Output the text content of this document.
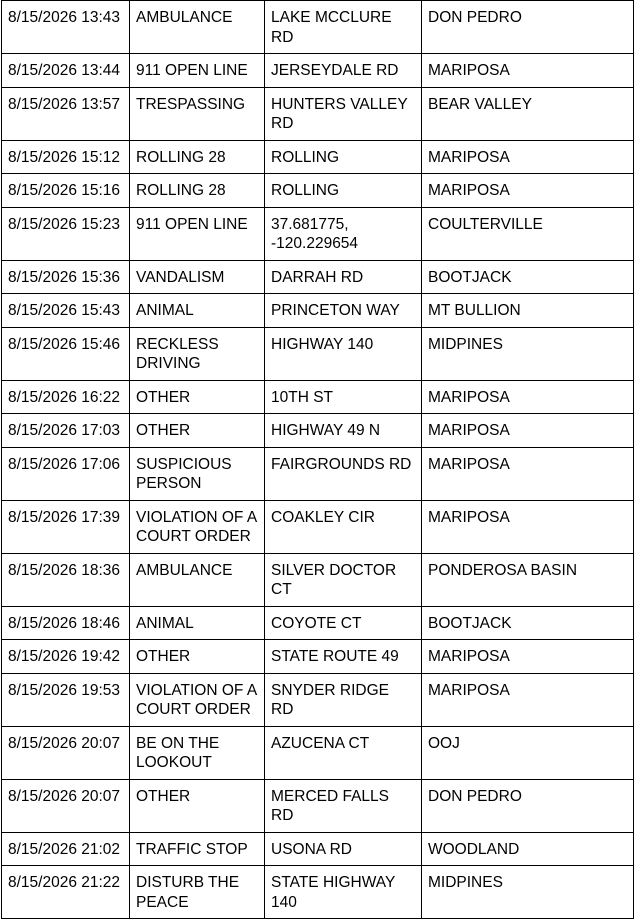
8/15/2026 13:43	AMBULANCE	LAKE MCCLURE RD	DON PEDRO
8/15/2026 13:44	911 OPEN LINE	JERSEYDALE RD	MARIPOSA
8/15/2026 13:57	TRESPASSING	HUNTERS VALLEY RD	BEAR VALLEY
8/15/2026 15:12	ROLLING 28	ROLLING	MARIPOSA
8/15/2026 15:16	ROLLING 28	ROLLING	MARIPOSA
8/15/2026 15:23	911 OPEN LINE	37.681775, -120.229654	COULTERVILLE
8/15/2026 15:36	VANDALISM	DARRAH RD	BOOTJACK
8/15/2026 15:43	ANIMAL	PRINCETON WAY	MT BULLION
8/15/2026 15:46	RECKLESS DRIVING	HIGHWAY 140	MIDPINES
8/15/2026 16:22	OTHER	10TH ST	MARIPOSA
8/15/2026 17:03	OTHER	HIGHWAY 49 N	MARIPOSA
8/15/2026 17:06	SUSPICIOUS PERSON	FAIRGROUNDS RD	MARIPOSA
8/15/2026 17:39	VIOLATION OF A COURT ORDER	COAKLEY CIR	MARIPOSA
8/15/2026 18:36	AMBULANCE	SILVER DOCTOR CT	PONDEROSA BASIN
8/15/2026 18:46	ANIMAL	COYOTE CT	BOOTJACK
8/15/2026 19:42	OTHER	STATE ROUTE 49	MARIPOSA
8/15/2026 19:53	VIOLATION OF A COURT ORDER	SNYDER RIDGE RD	MARIPOSA
8/15/2026 20:07	BE ON THE LOOKOUT	AZUCENA CT	OOJ
8/15/2026 20:07	OTHER	MERCED FALLS RD	DON PEDRO
8/15/2026 21:02	TRAFFIC STOP	USONA RD	WOODLAND
8/15/2026 21:22	DISTURB THE PEACE	STATE HIGHWAY 140	MIDPINES
